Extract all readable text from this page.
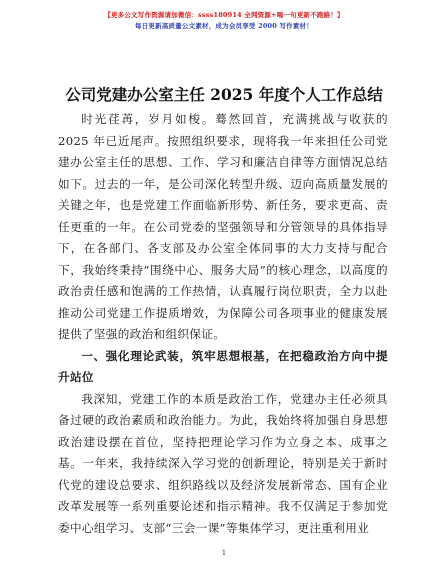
【更多公文写作资源请加微信：ssss180914 全网资源+喝一句更新不跑路！】
每日更新高质量公文素材，成为会员享受 2000 写作素材！
公司党建办公室主任 2025 年度个人工作总结

时光荏苒，岁月如梭。蓦然回首，充满挑战与收获的 2025 年已近尾声。按照组织要求，现将我一年来担任公司党建办公室主任的思想、工作、学习和廉洁自律等方面情况总结如下。过去的一年，是公司深化转型升级、迈向高质量发展的关键之年，也是党建工作面临新形势、新任务，要求更高、责任更重的一年。在公司党委的坚强领导和分管领导的具体指导下，在各部门、各支部及办公室全体同事的大力支持与配合下，我始终秉持“围绕中心、服务大局”的核心理念，以高度的政治责任感和饱满的工作热情，认真履行岗位职责，全力以赴推动公司党建工作提质增效，为保障公司各项事业的健康发展提供了坚强的政治和组织保证。

一、强化理论武装，筑牢思想根基，在把稳政治方向中提升站位

我深知，党建工作的本质是政治工作，党建办主任必须具备过硬的政治素质和政治能力。为此，我始终将加强自身思想政治建设摆在首位，坚持把理论学习作为立身之本、成事之基。一年来，我持续深入学习党的创新理论，特别是关于新时代党的建设总要求、组织路线以及经济发展新常态、国有企业改革发展等一系列重要论述和指示精神。我不仅满足于参加党委中心组学习、支部“三会一课”等集体学习，更注重利用业

1
